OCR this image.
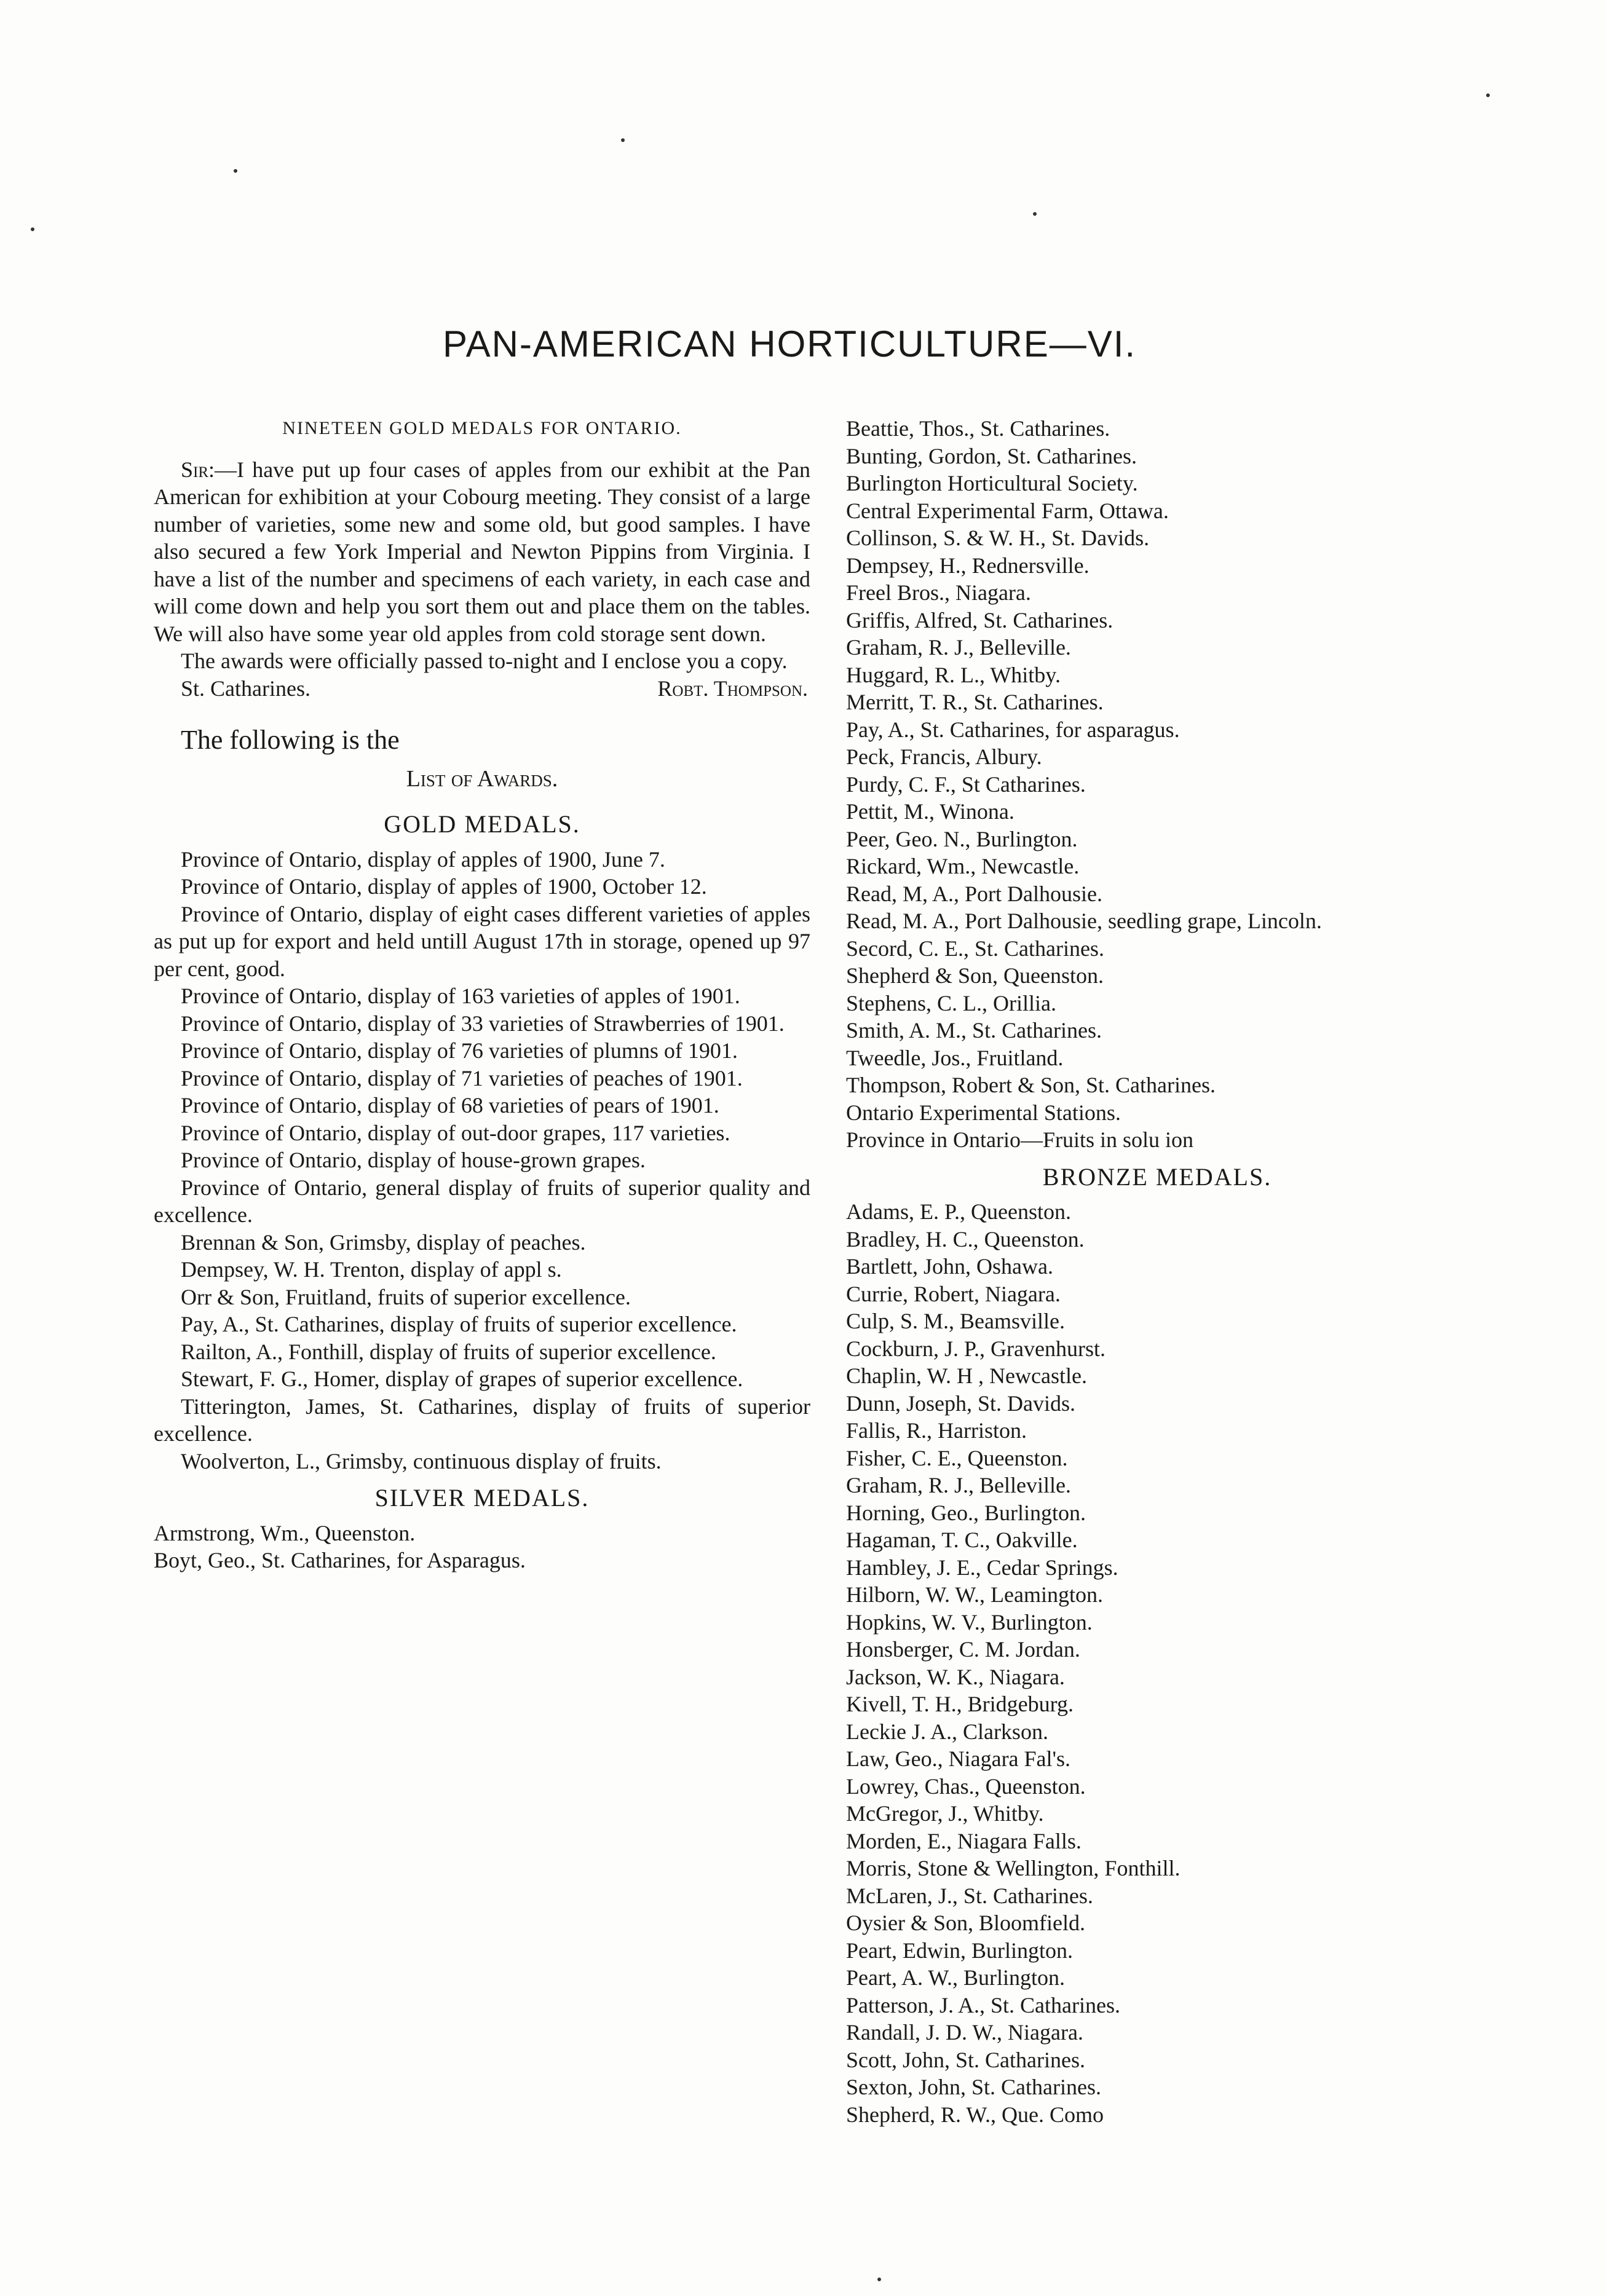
PAN-AMERICAN HORTICULTURE—VI.

NINETEEN GOLD MEDALS FOR ONTARIO.

Sir:—I have put up four cases of apples from our exhibit at the Pan American for exhibition at your Cobourg meeting. They consist of a large number of varieties, some new and some old, but good samples. I have also secured a few York Imperial and Newton Pippins from Virginia. I have a list of the number and specimens of each variety, in each case and will come down and help you sort them out and place them on the tables. We will also have some year old apples from cold storage sent down.

The awards were officially passed to-night and I enclose you a copy.

St. Catharines.	Robt. Thompson.

The following is the

List of Awards.

GOLD MEDALS.

Province of Ontario, display of apples of 1900, June 7.
Province of Ontario, display of apples of 1900, October 12.
Province of Ontario, display of eight cases different varieties of apples as put up for export and held untill August 17th in storage, opened up 97 per cent, good.
Province of Ontario, display of 163 varieties of apples of 1901.
Province of Ontario, display of 33 varieties of Strawberries of 1901.
Province of Ontario, display of 76 varieties of plumns of 1901.
Province of Ontario, display of 71 varieties of peaches of 1901.
Province of Ontario, display of 68 varieties of pears of 1901.
Province of Ontario, display of out-door grapes, 117 varieties.
Province of Ontario, display of house-grown grapes.
Province of Ontario, general display of fruits of superior quality and excellence.
Brennan & Son, Grimsby, display of peaches.
Dempsey, W. H. Trenton, display of appl s.
Orr & Son, Fruitland, fruits of superior excellence.
Pay, A., St. Catharines, display of fruits of superior excellence.
Railton, A., Fonthill, display of fruits of superior excellence.
Stewart, F. G., Homer, display of grapes of superior excellence.
Titterington, James, St. Catharines, display of fruits of superior excellence.
Woolverton, L., Grimsby, continuous display of fruits.

SILVER MEDALS.

Armstrong, Wm., Queenston.
Boyt, Geo., St. Catharines, for Asparagus.
Beattie, Thos., St. Catharines.
Bunting, Gordon, St. Catharines.
Burlington Horticultural Society.
Central Experimental Farm, Ottawa.
Collinson, S. & W. H., St. Davids.
Dempsey, H., Rednersville.
Freel Bros., Niagara.
Griffis, Alfred, St. Catharines.
Graham, R. J., Belleville.
Huggard, R. L., Whitby.
Merritt, T. R., St. Catharines.
Pay, A., St. Catharines, for asparagus.
Peck, Francis, Albury.
Purdy, C. F., St Catharines.
Pettit, M., Winona.
Peer, Geo. N., Burlington.
Rickard, Wm., Newcastle.
Read, M, A., Port Dalhousie.
Read, M. A., Port Dalhousie, seedling grape, Lincoln.
Secord, C. E., St. Catharines.
Shepherd & Son, Queenston.
Stephens, C. L., Orillia.
Smith, A. M., St. Catharines.
Tweedle, Jos., Fruitland.
Thompson, Robert & Son, St. Catharines.
Ontario Experimental Stations.
Province in Ontario—Fruits in solu ion

BRONZE MEDALS.

Adams, E. P., Queenston.
Bradley, H. C., Queenston.
Bartlett, John, Oshawa.
Currie, Robert, Niagara.
Culp, S. M., Beamsville.
Cockburn, J. P., Gravenhurst.
Chaplin, W. H , Newcastle.
Dunn, Joseph, St. Davids.
Fallis, R., Harriston.
Fisher, C. E., Queenston.
Graham, R. J., Belleville.
Horning, Geo., Burlington.
Hagaman, T. C., Oakville.
Hambley, J. E., Cedar Springs.
Hilborn, W. W., Leamington.
Hopkins, W. V., Burlington.
Honsberger, C. M. Jordan.
Jackson, W. K., Niagara.
Kivell, T. H., Bridgeburg.
Leckie J. A., Clarkson.
Law, Geo., Niagara Fal's.
Lowrey, Chas., Queenston.
McGregor, J., Whitby.
Morden, E., Niagara Falls.
Morris, Stone & Wellington, Fonthill.
McLaren, J., St. Catharines.
Oysier & Son, Bloomfield.
Peart, Edwin, Burlington.
Peart, A. W., Burlington.
Patterson, J. A., St. Catharines.
Randall, J. D. W., Niagara.
Scott, John, St. Catharines.
Sexton, John, St. Catharines.
Shepherd, R. W., Que. Como
